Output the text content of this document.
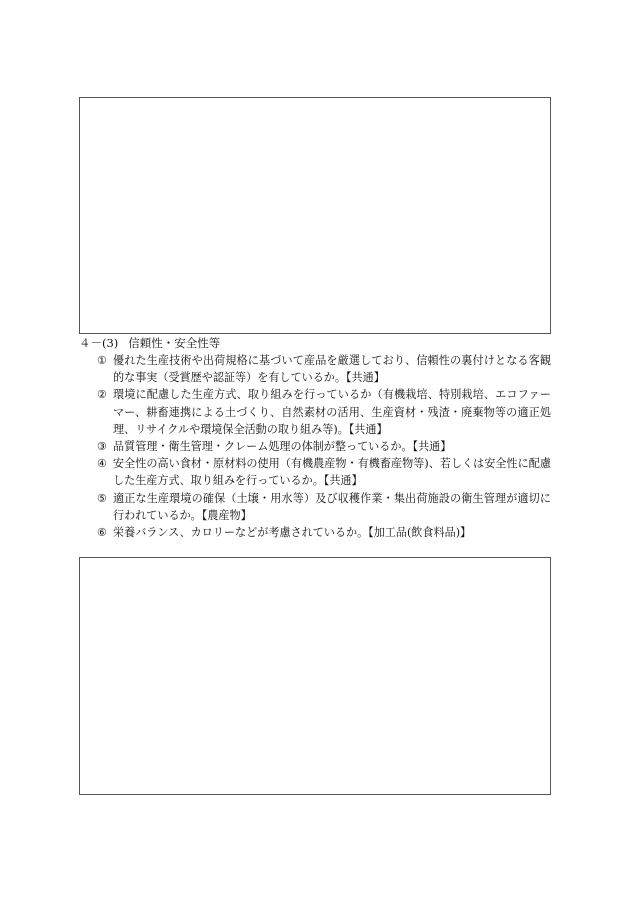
４－(3) 信頼性・安全性等
① 優れた生産技術や出荷規格に基づいて産品を厳選しており、信頼性の裏付けとなる客観的な事実（受賞歴や認証等）を有しているか。【共通】
② 環境に配慮した生産方式、取り組みを行っているか（有機栽培、特別栽培、エコファーマー、耕畜連携による土づくり、自然素材の活用、生産資材・残渣・廃棄物等の適正処理、リサイクルや環境保全活動の取り組み等)。【共通】
③ 品質管理・衛生管理・クレーム処理の体制が整っているか。【共通】
④ 安全性の高い食材・原材料の使用（有機農産物・有機畜産物等)、若しくは安全性に配慮した生産方式、取り組みを行っているか。【共通】
⑤ 適正な生産環境の確保（土壌・用水等）及び収穫作業・集出荷施設の衛生管理が適切に行われているか。【農産物】
⑥ 栄養バランス、カロリーなどが考慮されているか。【加工品(飲食料品)】
